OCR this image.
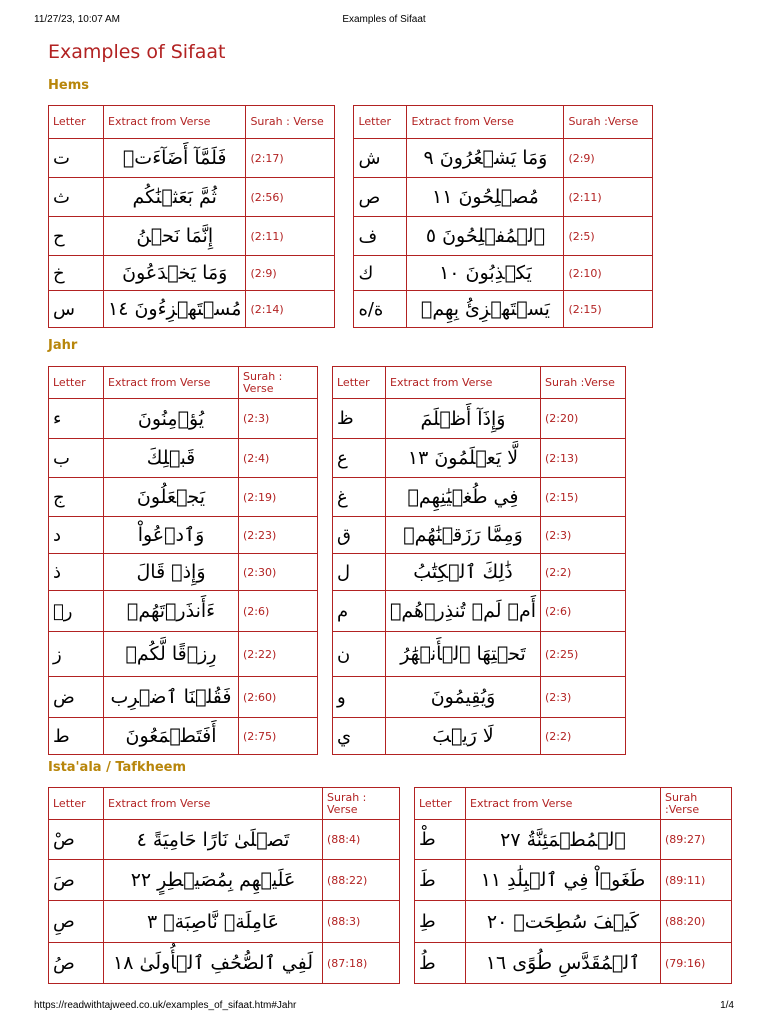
11/27/23, 10:07 AM	Examples of Sifaat
Examples of Sifaat
Hems
Letter	Extract from Verse	Surah : Verse		Letter	Extract from Verse	Surah :Verse
ت	فَلَمَّآ أَضَآءَتۡ	(2:17)		ش	وَمَا يَشۡعُرُونَ ٩	(2:9)
ث	ثُمَّ بَعَثۡنَٰكُم	(2:56)		ص	مُصۡلِحُونَ ١١	(2:11)
ح	إِنَّمَا نَحۡنُ	(2:11)		ف	ٱلۡمُفۡلِحُونَ ٥	(2:5)
خ	وَمَا يَخۡدَعُونَ	(2:9)		ك	يَكۡذِبُونَ ١٠	(2:10)
س	مُسۡتَهۡزِءُونَ ١٤	(2:14)		ة/ه	يَسۡتَهۡزِئُ بِهِمۡ	(2:15)
Jahr
Letter	Extract from Verse	Surah : Verse		Letter	Extract from Verse	Surah :Verse
ء	يُؤۡمِنُونَ	(2:3)		ظ	وَإِذَآ أَظۡلَمَ	(2:20)
ب	قَبۡلِكَ	(2:4)		ع	لَّا يَعۡلَمُونَ ١٣	(2:13)
ج	يَجۡعَلُونَ	(2:19)		غ	فِي طُغۡيَٰنِهِمۡ	(2:15)
د	وَٱدۡعُواْ	(2:23)		ق	وَمِمَّا رَزَقۡنَٰهُمۡ	(2:3)
ذ	وَإِذۡ قَالَ	(2:30)		ل	ذَٰلِكَ ٱلۡكِتَٰبُ	(2:2)
رۡ	ءَأَنذَرۡتَهُمۡ	(2:6)		م	أَمۡ لَمۡ تُنذِرۡهُمۡ	(2:6)
ز	رِزۡقًا لَّكُمۡ	(2:22)		ن	تَحۡتِهَا ٱلۡأَنۡهَٰرُ	(2:25)
ض	فَقُلۡنَا ٱضۡرِب	(2:60)		و	وَيُقِيمُونَ	(2:3)
ط	أَفَتَطۡمَعُونَ	(2:75)		ي	لَا رَيۡبَ	(2:2)
Ista'ala / Tafkheem
Letter	Extract from Verse	Surah : Verse		Letter	Extract from Verse	Surah :Verse
صْ	تَصۡلَىٰ نَارًا حَامِيَةً ٤	(88:4)		طْ	ٱلۡمُطۡمَئِنَّةُ ٢٧	(89:27)
صَ	عَلَيۡهِم بِمُصَيۡطِرٍ ٢٢	(88:22)		طَ	طَغَوۡاْ فِي ٱلۡبِلَٰدِ ١١	(89:11)
صِ	عَامِلَةٞ نَّاصِبَةٞ ٣	(88:3)		طِ	كَيۡفَ سُطِحَتۡ ٢٠	(88:20)
صُ	لَفِي ٱلصُّحُفِ ٱلۡأُولَىٰ ١٨	(87:18)		طُ	ٱلۡمُقَدَّسِ طُوًى ١٦	(79:16)
https://readwithtajweed.co.uk/examples_of_sifaat.htm#Jahr	1/4
